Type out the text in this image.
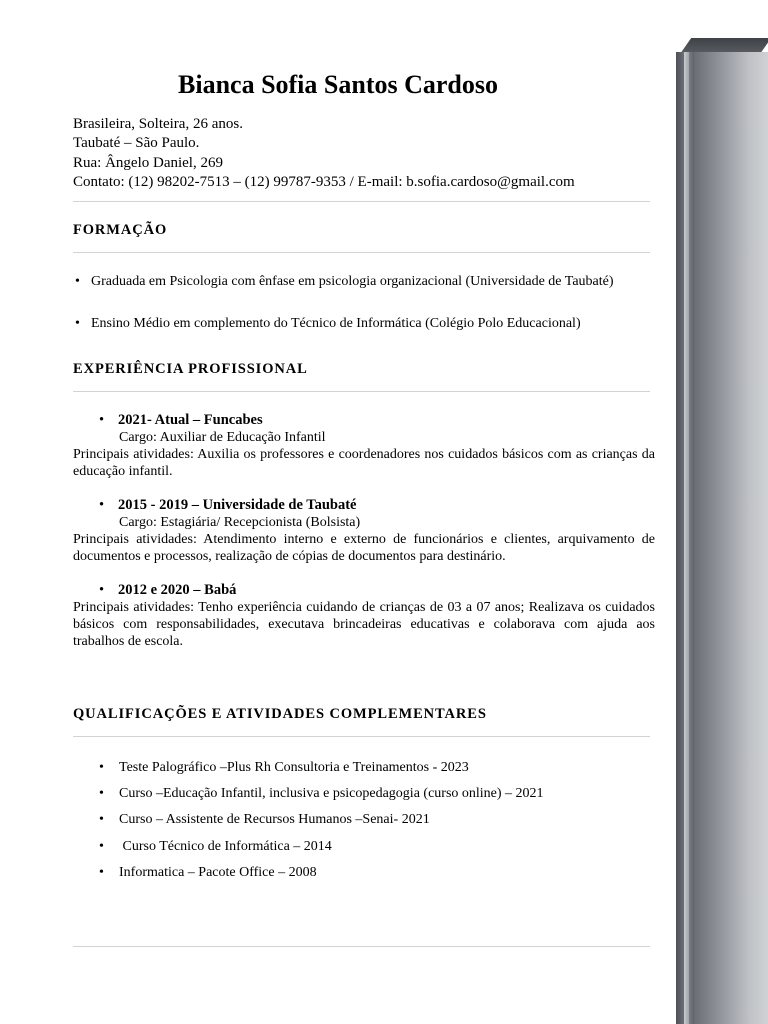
Bianca Sofia Santos Cardoso
Brasileira, Solteira, 26 anos.
Taubaté – São Paulo.
Rua: Ângelo Daniel, 269
Contato: (12) 98202-7513 – (12) 99787-9353 / E-mail: b.sofia.cardoso@gmail.com
FORMAÇÃO
• Graduada em Psicologia com ênfase em psicologia organizacional (Universidade de Taubaté)
• Ensino Médio em complemento do Técnico de Informática (Colégio Polo Educacional)
EXPERIÊNCIA PROFISSIONAL
• 2021- Atual – Funcabes
Cargo: Auxiliar de Educação Infantil
Principais atividades: Auxilia os professores e coordenadores nos cuidados básicos com as crianças da educação infantil.
• 2015 - 2019 – Universidade de Taubaté
Cargo: Estagiária/ Recepcionista (Bolsista)
Principais atividades: Atendimento interno e externo de funcionários e clientes, arquivamento de documentos e processos, realização de cópias de documentos para destinário.
• 2012 e 2020 – Babá
Principais atividades: Tenho experiência cuidando de crianças de 03 a 07 anos; Realizava os cuidados básicos com responsabilidades, executava brincadeiras educativas e colaborava com ajuda aos trabalhos de escola.
QUALIFICAÇÕES E ATIVIDADES COMPLEMENTARES
• Teste Palográfico –Plus Rh Consultoria e Treinamentos - 2023
• Curso –Educação Infantil, inclusiva e psicopedagogia (curso online) – 2021
• Curso – Assistente de Recursos Humanos –Senai- 2021
• Curso Técnico de Informática – 2014
• Informatica – Pacote Office – 2008
